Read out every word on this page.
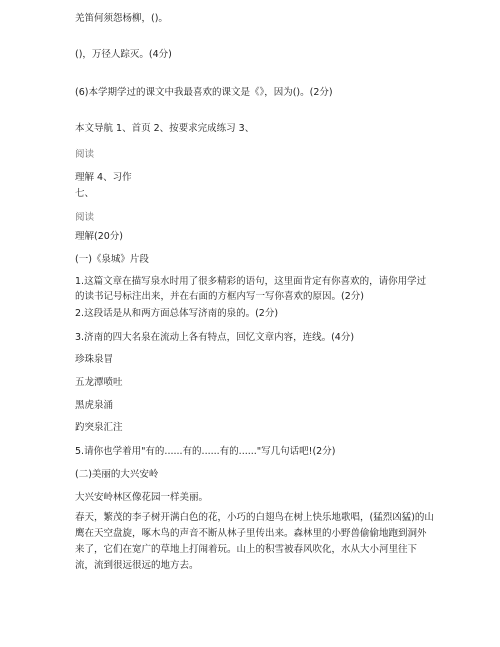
羌笛何须怨杨柳，()。
()，万径人踪灭。(4分)
(6)本学期学过的课文中我最喜欢的课文是《》，因为()。(2分)
本文导航 1、首页 2、按要求完成练习 3、
阅读
理解 4、习作
七、
阅读
理解(20分)
(一)《泉城》片段
1.这篇文章在描写泉水时用了很多精彩的语句，这里面肯定有你喜欢的，请你用学过的读书记号标注出来，并在右面的方框内写一写你喜欢的原因。(2分)
2.这段话是从和两方面总体写济南的泉的。(2分)
3.济南的四大名泉在流动上各有特点，回忆文章内容，连线。(4分)
珍珠泉冒
五龙潭喷吐
黑虎泉涌
趵突泉汇注
5.请你也学着用"有的......有的......有的......"写几句话吧!(2分)
(二)美丽的大兴安岭
大兴安岭林区像花园一样美丽。
春天，繁茂的李子树开满白色的花，小巧的白翅鸟在树上快乐地歌唱，(猛烈凶猛)的山鹰在天空盘旋，啄木鸟的声音不断从林子里传出来。森林里的小野兽偷偷地跑到洞外来了，它们在宽广的草地上打闹着玩。山上的积雪被春风吹化，水从大小河里往下流，流到很远很远的地方去。
